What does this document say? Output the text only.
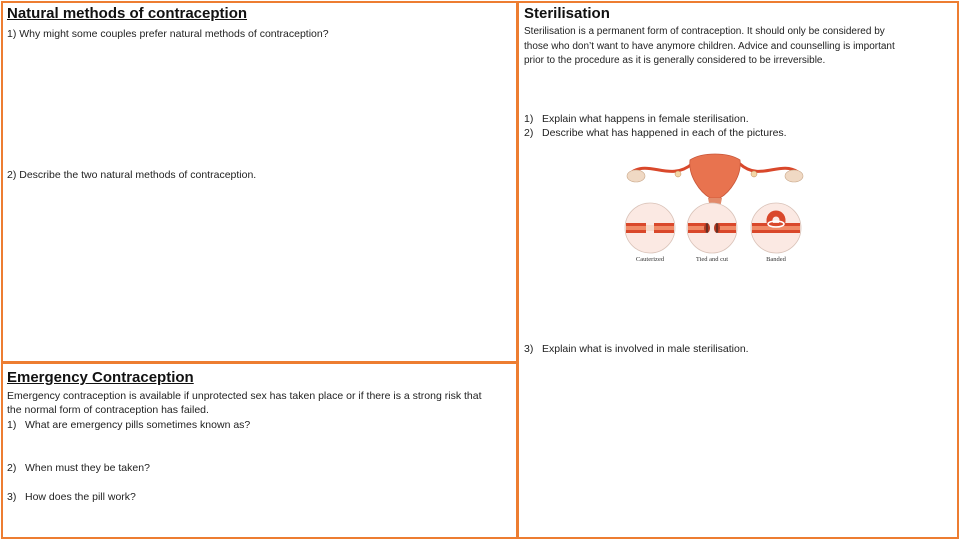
Natural methods of contraception
1) Why might some couples prefer natural methods of contraception?
2) Describe the two natural methods of contraception.
Emergency Contraception
Emergency contraception is available if unprotected sex has taken place or if there is a strong risk that
the normal form of contraception has failed.
1) What are emergency pills sometimes known as?
2) When must they be taken?
3) How does the pill work?
Sterilisation
Sterilisation is a permanent form of contraception. It should only be considered by
those who don’t want to have anymore children. Advice and counselling is important
prior to the procedure as it is generally considered to be irreversible.
1) Explain what happens in female sterilisation.
2) Describe what has happened in each of the pictures.
3) Explain what is involved in male sterilisation.
Cauterized	Tied and cut	Banded
